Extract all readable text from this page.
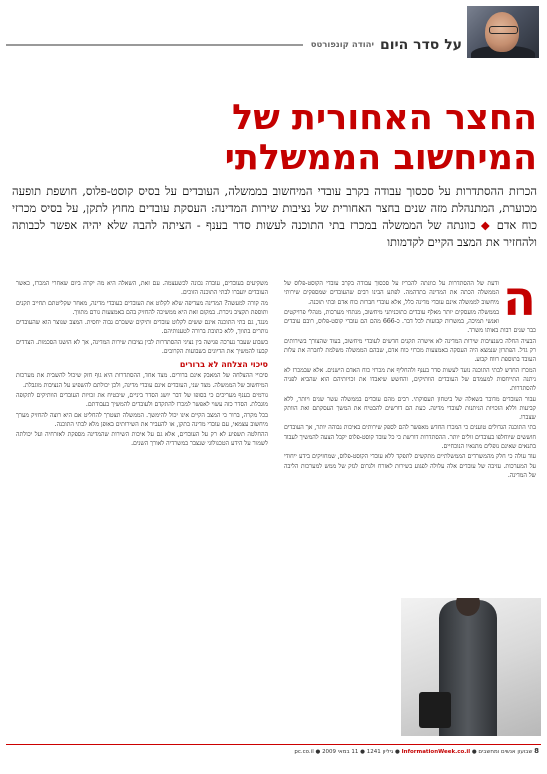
על סדר היום
יהודה קונפורטס
החצר האחורית של
המיחשוב הממשלתי

הכרזת ההסתדרות על סכסוך עבודה בקרב עובדי המיחשוב בממשלה, העובדים על בסיס קוסט-פלוס, חושפת תופעה מכוערת, המתנהלת מזה שנים בחצר האחורית של נציבות שירות המדינה: העסקת עובדים מחוץ לתקן, על בסיס מכרזי כוח אדם ◆ כוונתה של הממשלה במכרז בתי התוכנה לעשות סדר בענף - הציתה להבה שלא יהיה אפשר לכבותה ולהחזיר את המצב הקיים לקדמותו

ה

ודעת של ההסתדרות על כוונתה להכריז על סכסוך עבודה בקרב עובדי הקוסט-פלוס של הממשלה הכתה את המדינה בתדהמה. לפתע הבינו רבים שהעובדים שמספקים שירותי מיחשוב לממשלה אינם עובדי מדינה כלל, אלא עובדי חברות כוח אדם ובתי תוכנה.

בממשלה מועסקים יותר מאלף עובדים כתוכניתני מיחשוב, מנתחי מערכות, מנהלי פרויקטים ואנשי תמיכה, במשרות קבועות לכל דבר. כ-666 מהם הם עובדי קוסט-פלוס, רובם עובדים כבר שנים רבות באותו משרד.

הבעיה החלה כשנציבות שירות המדינה לא אישרה תקנים חדשים לעובדי מיחשוב, בעוד שהצורך בשירותים רק גדל. הפתרון שנמצא היה העסקה באמצעות מכרזי כוח אדם, שבהם הממשלה משלמת לחברה את עלות העובד בתוספת רווח קבוע.

המכרז החדש לבתי התוכנה נועד לעשות סדר בענף ולהחליף את מכרזי כוח האדם הישנים. אלא שבמכרז לא ניתנה התייחסות למעמדם של העובדים הוותיקים, והחשש שיאבדו את זכויותיהם הוא שהביא לפניה להסתדרות.

עבור העובדים מדובר בשאלה של ביטחון תעסוקתי. רבים מהם עובדים בממשלה עשר שנים ויותר, ללא קביעות וללא הזכויות הניתנות לעובדי מדינה. כעת הם דורשים להבטיח את המשך העסקתם ואת הוותק שצברו.

בתי התוכנה הגדולים טוענים כי המכרז החדש מאפשר להם לספק שירותים באיכות גבוהה יותר, אך העובדים חוששים שיוחלפו בעובדים זולים יותר. ההסתדרות דורשת כי כל עובד קוסט-פלוס יקבל הצעה להמשיך לעבוד בתנאים שאינם נופלים מתנאיו הנוכחיים.

עוד עולה כי חלק מהמשרדים הממשלתיים מתקשים לתפקד ללא עובדי הקוסט-פלוס, שמחזיקים בידע ייחודי על המערכות. עזיבה של עובדים אלה עלולה לפגוע בשירות לאזרח ולגרום לנזק של ממש למערכות הליבה של המדינה.

משקיעים בעובדים, עובדה נכונה לכשעצמה. עם זאת, השאלה היא מה יקרה ביום שאחרי המכרז, כאשר העובדים יועברו לבתי התוכנה הזוכים.

מה קורה למעשה? המדינה מעדיפה שלא לקלוט את העובדים כעובדי מדינה, מאחר שקליטתם תחייב תקנים ותוספת תקציב ניכרת. במקום זאת היא ממשיכה להחזיק בהם באמצעות גורם מתווך.

מנגד, גם בתי התוכנה אינם ששים לקלוט עובדים ותיקים ששכרם גבוה יחסית. המצב שנוצר הוא שהעובדים נותרים בתווך, ללא כתובת ברורה לטענותיהם.

בשבוע שעבר נערכה פגישה בין נציגי ההסתדרות לבין נציבות שירות המדינה, אך לא הושגו הסכמות. הצדדים קבעו להמשיך את הדיונים בשבועות הקרובים.

סיכוי הצלחה לא ברורים

סיכויי ההצלחה של המאבק אינם ברורים. מצד אחד, ההסתדרות היא גוף חזק שיכול להשבית את מערכות המיחשוב של הממשלה. מצד שני, העובדים אינם עובדי מדינה, ולכן יכולתם להשפיע על הנציבות מוגבלת.

גורמים בענף מעריכים כי בסופו של דבר יושג הסדר ביניים, שיבטיח את זכויות העובדים הוותיקים לתקופה מוגבלת. הסדר כזה עשוי לאפשר למכרז להתקדם ולעובדים להמשיך בעבודתם.

בכל מקרה, ברור כי המצב הקיים אינו יכול להימשך. הממשלה תצטרך להחליט אם היא רוצה להחזיק מערך מיחשוב עצמאי, עם עובדי מדינה בתקן, או להעביר את השירותים באופן מלא לבתי התוכנה.

ההחלטה תשפיע לא רק על העובדים, אלא גם על איכות השירות שהמדינה מספקת לאזרחיה ועל יכולתה לשמור על הידע הטכנולוגי שנצבר במשרדיה לאורך השנים.

8 שבועון אנשים ומחשבים ● InformationWeek.co.il ● גיליון 1241 ● 11 במאי 2009 ● pc.co.il
